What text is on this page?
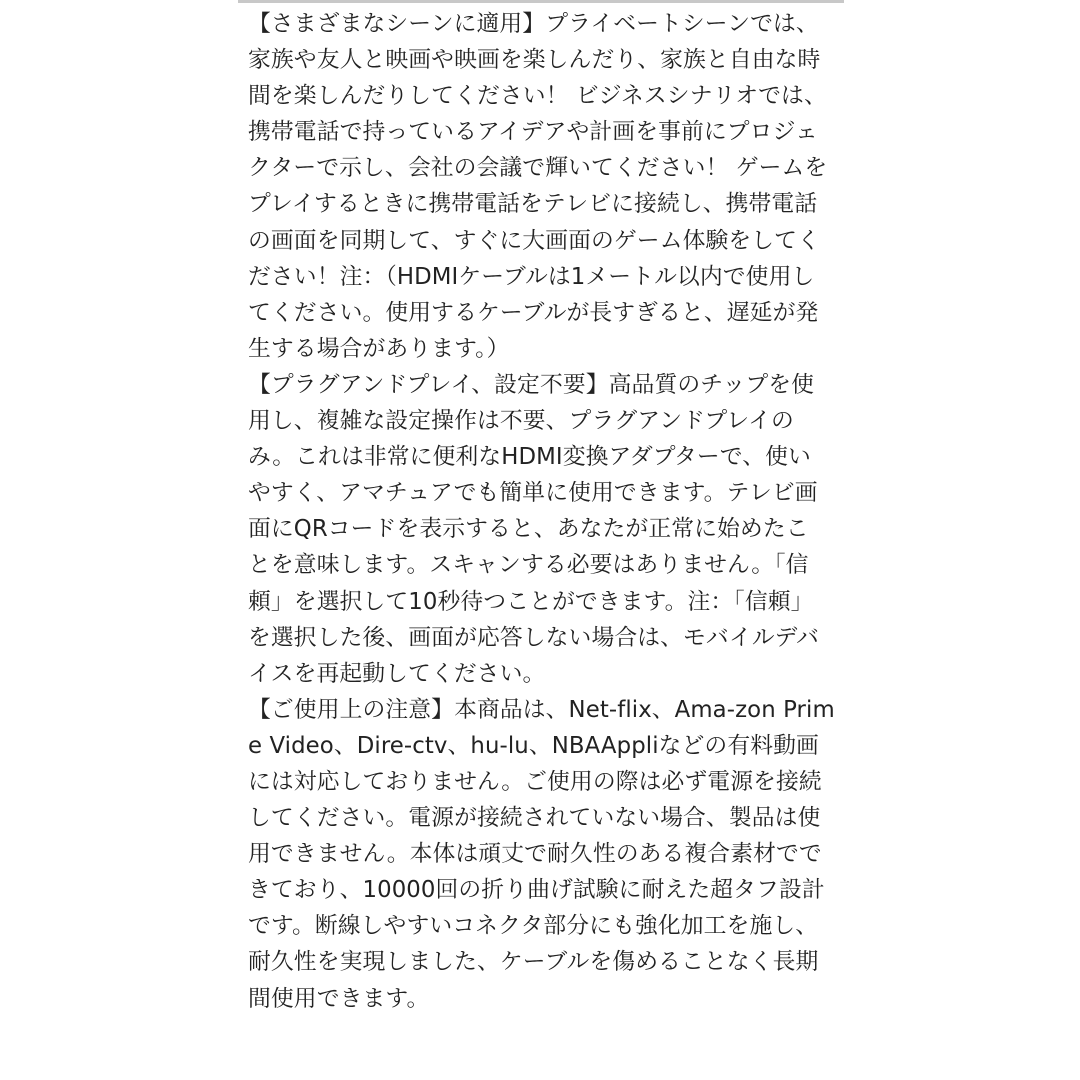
【さまざまなシーンに適用】プライベートシーンでは、
家族や友人と映画や映画を楽しんだり、家族と自由な時
間を楽しんだりしてください！ ビジネスシナリオでは、
携帯電話で持っているアイデアや計画を事前にプロジェ
クターで示し、会社の会議で輝いてください！ ゲームを
プレイするときに携帯電話をテレビに接続し、携帯電話
の画面を同期して、すぐに大画面のゲーム体験をしてく
ださい！注：（HDMIケーブルは1メートル以内で使用し
てください。使用するケーブルが長すぎると、遅延が発
生する場合があります。）
【プラグアンドプレイ、設定不要】高品質のチップを使
用し、複雑な設定操作は不要、プラグアンドプレイの
み。これは非常に便利なHDMI変換アダプターで、使い
やすく、アマチュアでも簡単に使用できます。テレビ画
面にQRコードを表示すると、あなたが正常に始めたこ
とを意味します。スキャンする必要はありません。「信
頼」を選択して10秒待つことができます。注：「信頼」
を選択した後、画面が応答しない場合は、モバイルデバ
イスを再起動してください。
【ご使用上の注意】本商品は、Net-flix、Ama-zon Prim
e Video、Dire-ctv、hu-lu、NBAAppliなどの有料動画
には対応しておりません。ご使用の際は必ず電源を接続
してください。電源が接続されていない場合、製品は使
用できません。本体は頑丈で耐久性のある複合素材でで
きており、10000回の折り曲げ試験に耐えた超タフ設計
です。断線しやすいコネクタ部分にも強化加工を施し、
耐久性を実現しました、ケーブルを傷めることなく長期
間使用できます。
